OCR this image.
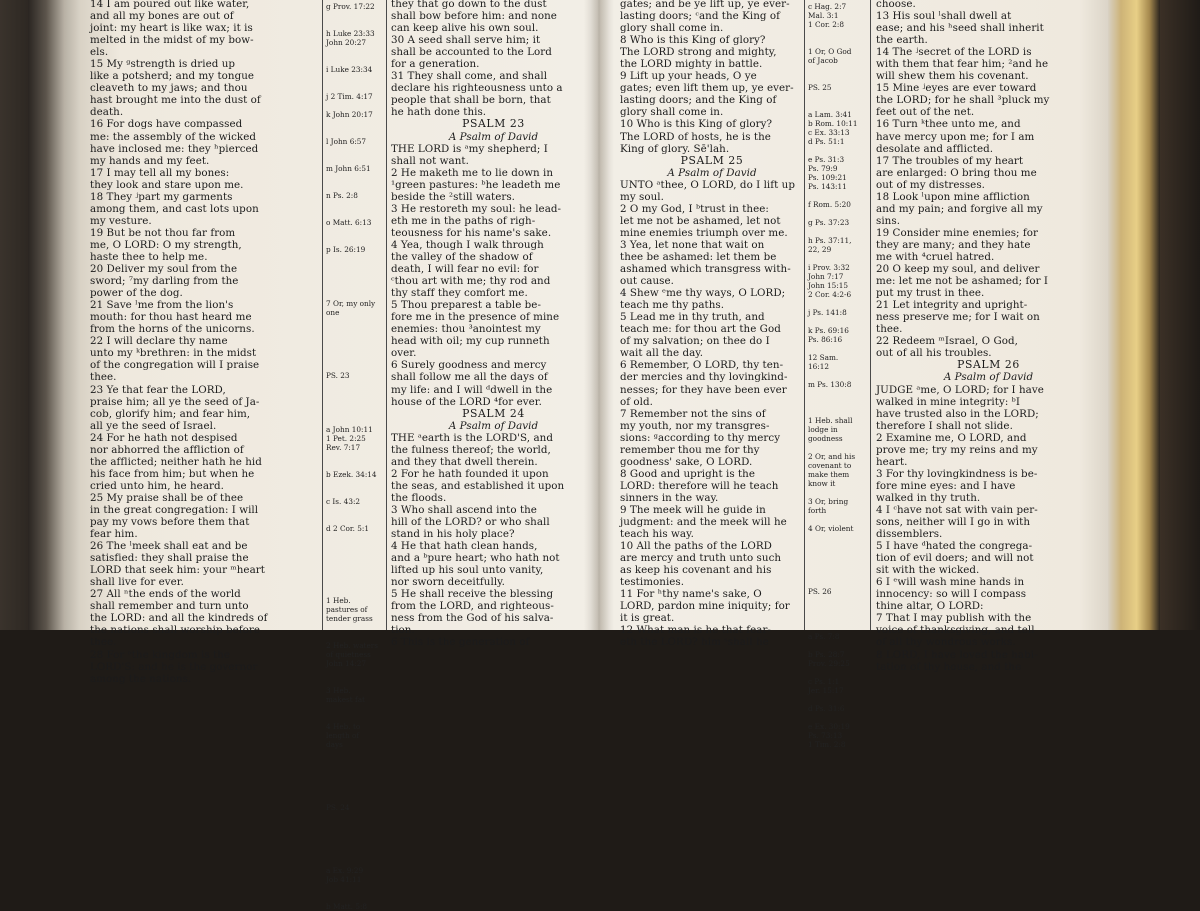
14 I am poured out like water,
and all my bones are out of
joint: my heart is like wax; it is
melted in the midst of my bow-
els.
15 My ᵍstrength is dried up
like a potsherd; and my tongue
cleaveth to my jaws; and thou
hast brought me into the dust of
death.
16 For dogs have compassed
me: the assembly of the wicked
have inclosed me: they ʰpierced
my hands and my feet.
17 I may tell all my bones:
they look and stare upon me.
18 They ʲpart my garments
among them, and cast lots upon
my vesture.
19 But be not thou far from
me, O LORD: O my strength,
haste thee to help me.
20 Deliver my soul from the
sword; ⁷my darling from the
power of the dog.
21 Save ˡme from the lion's
mouth: for thou hast heard me
from the horns of the unicorns.
22 I will declare thy name
unto my ᵏbrethren: in the midst
of the congregation will I praise
thee.
23 Ye that fear the LORD,
praise him; all ye the seed of Ja-
cob, glorify him; and fear him,
all ye the seed of Israel.
24 For he hath not despised
nor abhorred the affliction of
the afflicted; neither hath he hid
his face from him; but when he
cried unto him, he heard.
25 My praise shall be of thee
in the great congregation: I will
pay my vows before them that
fear him.
26 The ˡmeek shall eat and be
satisfied: they shall praise the
LORD that seek him: your ᵐheart
shall live for ever.
27 All ⁿthe ends of the world
shall remember and turn unto
the LORD: and all the kindreds of
the nations shall worship before
thee.
28 For ᵒthe kingdom is the
LORD'S: and he is the governor
among the nations.
g Prov. 17:22

h Luke 23:33
John 20:27

i Luke 23:34

j 2 Tim. 4:17

k John 20:17

l John 6:57

m John 6:51

n Ps. 2:8

o Matt. 6:13

p Is. 26:19

7 Or, my only
one

PS. 23

a John 10:11
1 Pet. 2:25
Rev. 7:17

b Ezek. 34:14

c Is. 43:2

d 2 Cor. 5:1

1 Heb.
pastures of
tender grass

2 Heb. waters
of quietness
John 14:27

3 Heb.
makest fat

4 Heb. to
length of
days

PS. 24

a Ex. 9:29
Job 41:11

b Matt. 5:8
they that go down to the dust
shall bow before him: and none
can keep alive his own soul.
30 A seed shall serve him; it
shall be accounted to the Lord
for a generation.
31 They shall come, and shall
declare his righteousness unto a
people that shall be born, that
he hath done this.
PSALM 23
A Psalm of David
THE LORD is ᵃmy shepherd; I
shall not want.
2 He maketh me to lie down in
¹green pastures: ᵇhe leadeth me
beside the ²still waters.
3 He restoreth my soul: he lead-
eth me in the paths of righ-
teousness for his name's sake.
4 Yea, though I walk through
the valley of the shadow of
death, I will fear no evil: for
ᶜthou art with me; thy rod and
thy staff they comfort me.
5 Thou preparest a table be-
fore me in the presence of mine
enemies: thou ³anointest my
head with oil; my cup runneth
over.
6 Surely goodness and mercy
shall follow me all the days of
my life: and I will ᵈdwell in the
house of the LORD ⁴for ever.
PSALM 24
A Psalm of David
THE ᵃearth is the LORD'S, and
the fulness thereof; the world,
and they that dwell therein.
2 For he hath founded it upon
the seas, and established it upon
the floods.
3 Who shall ascend into the
hill of the LORD? or who shall
stand in his holy place?
4 He that hath clean hands,
and a ᵇpure heart; who hath not
lifted up his soul unto vanity,
nor sworn deceitfully.
5 He shall receive the blessing
from the LORD, and righteous-
ness from the God of his salva-
tion.
6 This is the generation of
gates; and be ye lift up, ye ever-
lasting doors; ᶜand the King of
glory shall come in.
8 Who is this King of glory?
The LORD strong and mighty,
the LORD mighty in battle.
9 Lift up your heads, O ye
gates; even lift them up, ye ever-
lasting doors; and the King of
glory shall come in.
10 Who is this King of glory?
The LORD of hosts, he is the
King of glory. Sē'lah.
PSALM 25
A Psalm of David
UNTO ᵃthee, O LORD, do I lift up
my soul.
2 O my God, I ᵇtrust in thee:
let me not be ashamed, let not
mine enemies triumph over me.
3 Yea, let none that wait on
thee be ashamed: let them be
ashamed which transgress with-
out cause.
4 Shew ᵉme thy ways, O LORD;
teach me thy paths.
5 Lead me in thy truth, and
teach me: for thou art the God
of my salvation; on thee do I
wait all the day.
6 Remember, O LORD, thy ten-
der mercies and thy lovingkind-
nesses; for they have been ever
of old.
7 Remember not the sins of
my youth, nor my transgres-
sions: ᵍaccording to thy mercy
remember thou me for thy
goodness' sake, O LORD.
8 Good and upright is the
LORD: therefore will he teach
sinners in the way.
9 The meek will he guide in
judgment: and the meek will he
teach his way.
10 All the paths of the LORD
are mercy and truth unto such
as keep his covenant and his
testimonies.
11 For ʰthy name's sake, O
LORD, pardon mine iniquity; for
it is great.
12 What man is he that fear-
eth the LORD? him ˢshall he
c Hag. 2:7
Mal. 3:1
1 Cor. 2:8

1 Or, O God
of Jacob

PS. 25

a Lam. 3:41
b Rom. 10:11
c Ex. 33:13
d Ps. 51:1

e Ps. 31:3
Ps. 79:9
Ps. 109:21
Ps. 143:11

f Rom. 5:20

g Ps. 37:23

h Ps. 37:11,
22, 29

i Prov. 3:32
John 7:17
John 15:15
2 Cor. 4:2-6

j Ps. 141:8

k Ps. 69:16
Ps. 86:16

12 Sam.
16:12

m Ps. 130:8

1 Heb. shall
lodge in
goodness

2 Or, and his
covenant to
make them
know it

3 Or, bring
forth

4 Or, violent

PS. 26

a Ps. 7:8

b Ps. 28:7
Prov. 29:25

c Ps. 1:1
Jer. 15:17

d Ps. 31:6

e Ex. 30:19
Ps. 73:13
1 Tim. 2:8
choose.
13 His soul ˡshall dwell at
ease; and his ʰseed shall inherit
the earth.
14 The ʲsecret of the LORD is
with them that fear him; ²and he
will shew them his covenant.
15 Mine ʲeyes are ever toward
the LORD; for he shall ³pluck my
feet out of the net.
16 Turn ᵏthee unto me, and
have mercy upon me; for I am
desolate and afflicted.
17 The troubles of my heart
are enlarged: O bring thou me
out of my distresses.
18 Look ˡupon mine affliction
and my pain; and forgive all my
sins.
19 Consider mine enemies; for
they are many; and they hate
me with ⁴cruel hatred.
20 O keep my soul, and deliver
me: let me not be ashamed; for I
put my trust in thee.
21 Let integrity and upright-
ness preserve me; for I wait on
thee.
22 Redeem ᵐIsrael, O God,
out of all his troubles.
PSALM 26
A Psalm of David
JUDGE ᵃme, O LORD; for I have
walked in mine integrity: ᵇI
have trusted also in the LORD;
therefore I shall not slide.
2 Examine me, O LORD, and
prove me; try my reins and my
heart.
3 For thy lovingkindness is be-
fore mine eyes: and I have
walked in thy truth.
4 I ᶜhave not sat with vain per-
sons, neither will I go in with
dissemblers.
5 I have ᵈhated the congrega-
tion of evil doers; and will not
sit with the wicked.
6 I ᵉwill wash mine hands in
innocency: so will I compass
thine altar, O LORD:
7 That I may publish with the
voice of thanksgiving, and tell
of all thy wondrous works.
8 LORD, I have loved the habi-
tation of thy house, and the
